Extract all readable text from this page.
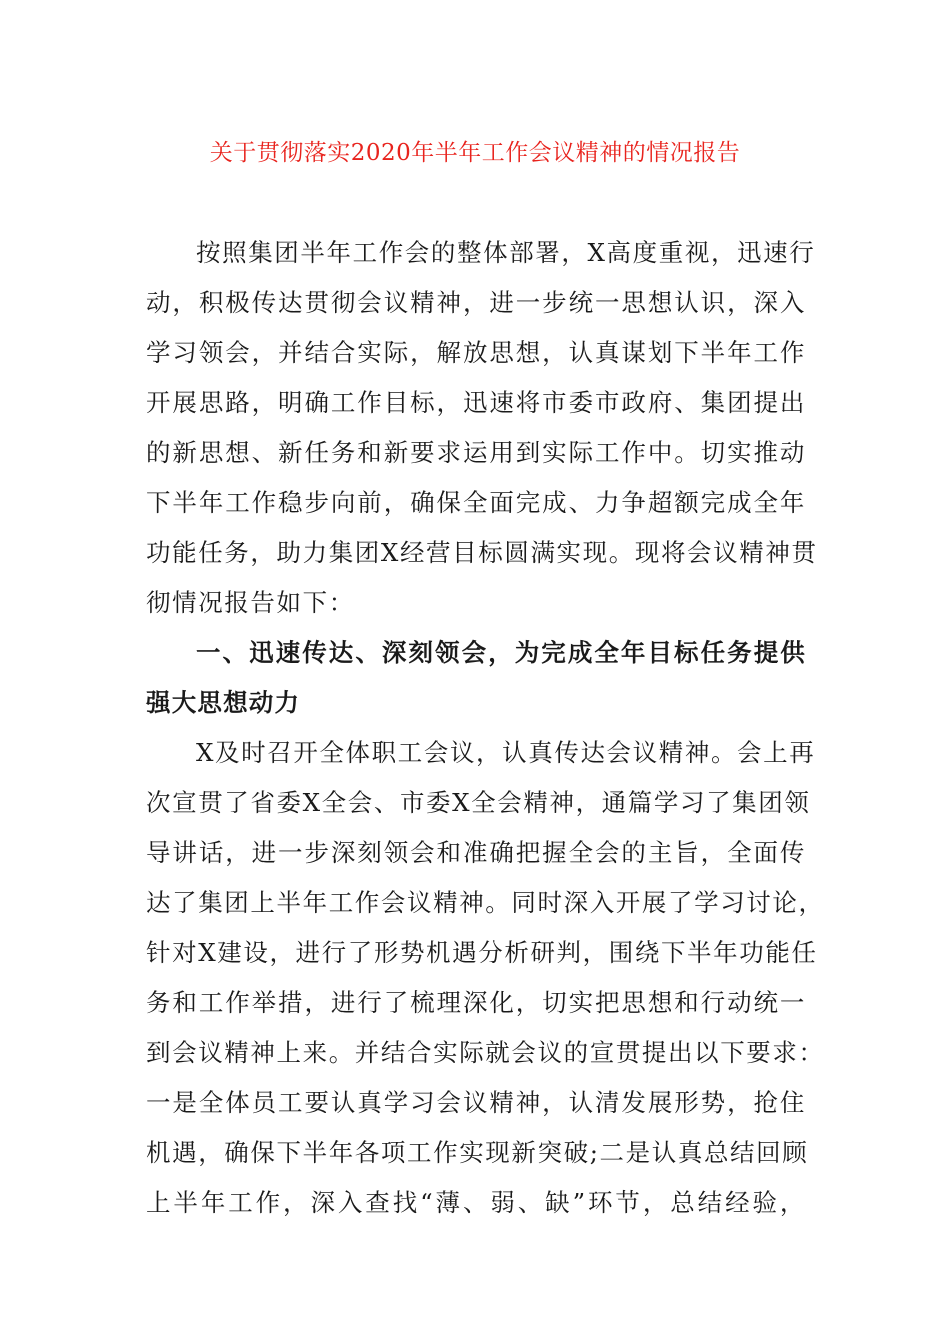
关于贯彻落实2020年半年工作会议精神的情况报告
按照集团半年工作会的整体部署，X高度重视，迅速行
动，积极传达贯彻会议精神，进一步统一思想认识，深入
学习领会，并结合实际，解放思想，认真谋划下半年工作
开展思路，明确工作目标，迅速将市委市政府、集团提出
的新思想、新任务和新要求运用到实际工作中。切实推动
下半年工作稳步向前，确保全面完成、力争超额完成全年
功能任务，助力集团X经营目标圆满实现。现将会议精神贯
彻情况报告如下：
一、迅速传达、深刻领会，为完成全年目标任务提供
强大思想动力
X及时召开全体职工会议，认真传达会议精神。会上再
次宣贯了省委X全会、市委X全会精神，通篇学习了集团领
导讲话，进一步深刻领会和准确把握全会的主旨，全面传
达了集团上半年工作会议精神。同时深入开展了学习讨论，
针对X建设，进行了形势机遇分析研判，围绕下半年功能任
务和工作举措，进行了梳理深化，切实把思想和行动统一
到会议精神上来。并结合实际就会议的宣贯提出以下要求：
一是全体员工要认真学习会议精神，认清发展形势，抢住
机遇，确保下半年各项工作实现新突破;二是认真总结回顾
上半年工作，深入查找“薄、弱、缺”环节，总结经验，
